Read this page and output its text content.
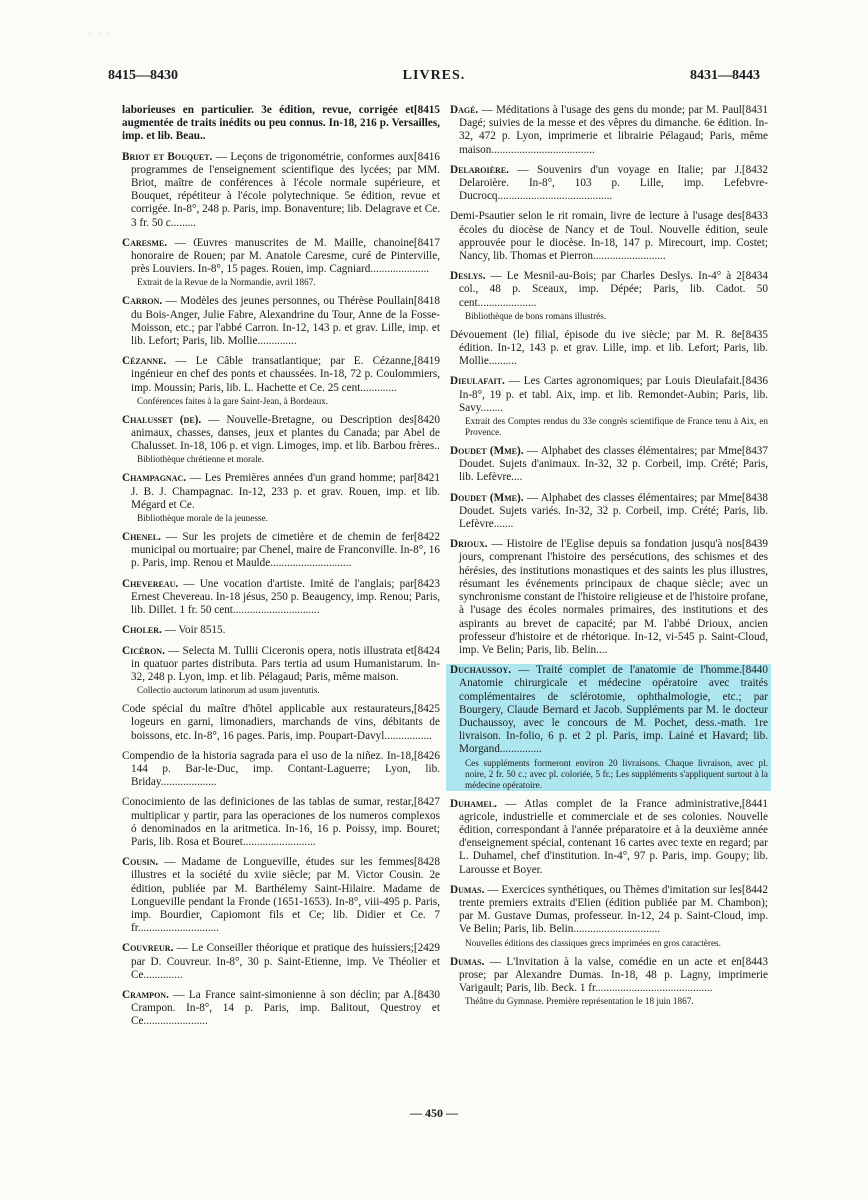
· · ·
8415—8430	LIVRES.	8431—8443
[8415
laborieuses en particulier. 3e édition, revue, corrigée et augmentée de traits inédits ou peu connus. In-18, 216 p. Versailles, imp. et lib. Beau..
[8416
Briot et Bouquet. — Leçons de trigonométrie, conformes aux programmes de l'enseignement scientifique des lycées; par MM. Briot, maître de conférences à l'école normale supérieure, et Bouquet, répétiteur à l'école polytechnique. 5e édition, revue et corrigée. In-8°, 248 p. Paris, imp. Bonaventure; lib. Delagrave et Ce. 3 fr. 50 c.........
[8417
Caresme. — Œuvres manuscrites de M. Maille, chanoine honoraire de Rouen; par M. Anatole Caresme, curé de Pinterville, près Louviers. In-8°, 15 pages. Rouen, imp. Cagniard.....................
Extrait de la Revue de la Normandie, avril 1867.
[8418
Carron. — Modèles des jeunes personnes, ou Thérèse Poullain du Bois-Anger, Julie Fabre, Alexandrine du Tour, Anne de la Fosse-Moisson, etc.; par l'abbé Carron. In-12, 143 p. et grav. Lille, imp. et lib. Lefort; Paris, lib. Mollie..............
[8419
Cézanne. — Le Câble transatlantique; par E. Cézanne, ingénieur en chef des ponts et chaussées. In-18, 72 p. Coulommiers, imp. Moussin; Paris, lib. L. Hachette et Ce. 25 cent.............
Conférences faites à la gare Saint-Jean, à Bordeaux.
[8420
Chalusset (de). — Nouvelle-Bretagne, ou Description des animaux, chasses, danses, jeux et plantes du Canada; par Abel de Chalusset. In-18, 106 p. et vign. Limoges, imp. et lib. Barbou frères..
Bibliothèque chrétienne et morale.
[8421
Champagnac. — Les Premières années d'un grand homme; par J. B. J. Champagnac. In-12, 233 p. et grav. Rouen, imp. et lib. Mégard et Ce.
Bibliothèque morale de la jeunesse.
[8422
Chenel. — Sur les projets de cimetière et de chemin de fer municipal ou mortuaire; par Chenel, maire de Franconville. In-8°, 16 p. Paris, imp. Renou et Maulde.............................
[8423
Chevereau. — Une vocation d'artiste. Imité de l'anglais; par Ernest Chevereau. In-18 jésus, 250 p. Beaugency, imp. Renou; Paris, lib. Dillet. 1 fr. 50 cent...............................
Choler. — Voir 8515.
[8424
Cicéron. — Selecta M. Tullii Ciceronis opera, notis illustrata et in quatuor partes distributa. Pars tertia ad usum Humanistarum. In-32, 248 p. Lyon, imp. et lib. Pélagaud; Paris, même maison.
Collectio auctorum latinorum ad usum juventutis.
[8425
Code spécial du maître d'hôtel applicable aux restaurateurs, logeurs en garni, limonadiers, marchands de vins, débitants de boissons, etc. In-8°, 16 pages. Paris, imp. Poupart-Davyl.................
[8426
Compendio de la historia sagrada para el uso de la niñez. In-18, 144 p. Bar-le-Duc, imp. Contant-Laguerre; Lyon, lib. Briday....................
[8427
Conocimiento de las definiciones de las tablas de sumar, restar, multiplicar y partir, para las operaciones de los numeros complexos ó denominados en la aritmetica. In-16, 16 p. Poissy, imp. Bouret; Paris, lib. Rosa et Bouret..........................
[8428
Cousin. — Madame de Longueville, études sur les femmes illustres et la société du xviie siècle; par M. Victor Cousin. 2e édition, publiée par M. Barthélemy Saint-Hilaire. Madame de Longueville pendant la Fronde (1651-1653). In-8°, viii-495 p. Paris, imp. Bourdier, Capiomont fils et Ce; lib. Didier et Ce. 7 fr.............................
[2429
Couvreur. — Le Conseiller théorique et pratique des huissiers; par D. Couvreur. In-8°, 30 p. Saint-Etienne, imp. Ve Théolier et Ce..............
[8430
Crampon. — La France saint-simonienne à son déclin; par A. Crampon. In-8°, 14 p. Paris, imp. Balitout, Questroy et Ce.......................
[8431
Dagé. — Méditations à l'usage des gens du monde; par M. Paul Dagé; suivies de la messe et des vêpres du dimanche. 6e édition. In-32, 472 p. Lyon, imprimerie et librairie Pélagaud; Paris, même maison.....................................
[8432
Delaroière. — Souvenirs d'un voyage en Italie; par J. Delaroière. In-8°, 103 p. Lille, imp. Lefebvre-Ducrocq.........................................
[8433
Demi-Psautier selon le rit romain, livre de lecture à l'usage des écoles du diocèse de Nancy et de Toul. Nouvelle édition, seule approuvée pour le diocèse. In-18, 147 p. Mirecourt, imp. Costet; Nancy, lib. Thomas et Pierron..........................
[8434
Deslys. — Le Mesnil-au-Bois; par Charles Deslys. In-4° à 2 col., 48 p. Sceaux, imp. Dépée; Paris, lib. Cadot. 50 cent.....................
Bibliothèque de bons romans illustrés.
[8435
Dévouement (le) filial, épisode du ive siècle; par M. R. 8e édition. In-12, 143 p. et grav. Lille, imp. et lib. Lefort; Paris, lib. Mollie..........
[8436
Dieulafait. — Les Cartes agronomiques; par Louis Dieulafait. In-8°, 19 p. et tabl. Aix, imp. et lib. Remondet-Aubin; Paris, lib. Savy........
Extrait des Comptes rendus du 33e congrès scientifique de France tenu à Aix, en Provence.
[8437
Doudet (Mme). — Alphabet des classes élémentaires; par Mme Doudet. Sujets d'animaux. In-32, 32 p. Corbeil, imp. Crété; Paris, lib. Lefèvre....
[8438
Doudet (Mme). — Alphabet des classes élémentaires; par Mme Doudet. Sujets variés. In-32, 32 p. Corbeil, imp. Crété; Paris, lib. Lefèvre.......
[8439
Drioux. — Histoire de l'Eglise depuis sa fondation jusqu'à nos jours, comprenant l'histoire des persécutions, des schismes et des hérésies, des institutions monastiques et des saints les plus illustres, résumant les événements principaux de chaque siècle; avec un synchronisme constant de l'histoire religieuse et de l'histoire profane, à l'usage des écoles normales primaires, des institutions et des aspirants au brevet de capacité; par M. l'abbé Drioux, ancien professeur d'histoire et de rhétorique. In-12, vi-545 p. Saint-Cloud, imp. Ve Belin; Paris, lib. Belin....
[8440
Duchaussoy. — Traité complet de l'anatomie de l'homme. Anatomie chirurgicale et médecine opératoire avec traités complémentaires de sclérotomie, ophthalmologie, etc.; par Bourgery, Claude Bernard et Jacob. Suppléments par M. le docteur Duchaussoy, avec le concours de M. Pochet, dess.-math. 1re livraison. In-folio, 6 p. et 2 pl. Paris, imp. Lainé et Havard; lib. Morgand...............
Ces suppléments formeront environ 20 livraisons. Chaque livraison, avec pl. noire, 2 fr. 50 c.; avec pl. coloriée, 5 fr.; Les suppléments s'appliquent surtout à la médecine opératoire.
[8441
Duhamel. — Atlas complet de la France administrative, agricole, industrielle et commerciale et de ses colonies. Nouvelle édition, correspondant à l'année préparatoire et à la deuxième année d'enseignement spécial, contenant 16 cartes avec texte en regard; par L. Duhamel, chef d'institution. In-4°, 97 p. Paris, imp. Goupy; lib. Larousse et Boyer.
[8442
Dumas. — Exercices synthétiques, ou Thèmes d'imitation sur les trente premiers extraits d'Elien (édition publiée par M. Chambon); par M. Gustave Dumas, professeur. In-12, 24 p. Saint-Cloud, imp. Ve Belin; Paris, lib. Belin...............................
Nouvelles éditions des classiques grecs imprimées en gros caractères.
[8443
Dumas. — L'Invitation à la valse, comédie en un acte et en prose; par Alexandre Dumas. In-18, 48 p. Lagny, imprimerie Varigault; Paris, lib. Beck. 1 fr..........................................
Théâtre du Gymnase. Première représentation le 18 juin 1867.
— 450 —
